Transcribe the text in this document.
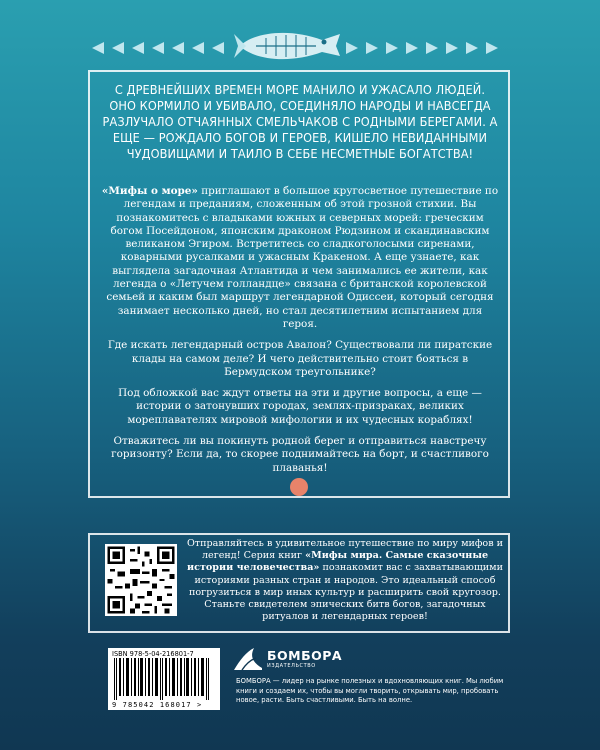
С ДРЕВНЕЙШИХ ВРЕМЕН МОРЕ МАНИЛО И УЖАСАЛО ЛЮДЕЙ. ОНО КОРМИЛО И УБИВАЛО, СОЕДИНЯЛО НАРОДЫ И НАВСЕГДА РАЗЛУЧАЛО ОТЧАЯННЫХ СМЕЛЬЧАКОВ С РОДНЫМИ БЕРЕГАМИ. А ЕЩЕ — РОЖДАЛО БОГОВ И ГЕРОЕВ, КИШЕЛО НЕВИДАННЫМИ ЧУДОВИЩАМИ И ТАИЛО В СЕБЕ НЕСМЕТНЫЕ БОГАТСТВА!

«Мифы о море» приглашают в большое кругосветное путешествие по легендам и преданиям, сложенным об этой грозной стихии. Вы познакомитесь с владыками южных и северных морей: греческим богом Посейдоном, японским драконом Рюдзином и скандинавским великаном Эгиром. Встретитесь со сладкоголосыми сиренами, коварными русалками и ужасным Кракеном. А еще узнаете, как выглядела загадочная Атлантида и чем занимались ее жители, как легенда о «Летучем голландце» связана с британской королевской семьей и каким был маршрут легендарной Одиссеи, который сегодня занимает несколько дней, но стал десятилетним испытанием для героя.

Где искать легендарный остров Авалон? Существовали ли пиратские клады на самом деле? И чего действительно стоит бояться в Бермудском треугольнике?

Под обложкой вас ждут ответы на эти и другие вопросы, а еще — истории о затонувших городах, землях-призраках, великих мореплавателях мировой мифологии и их чудесных кораблях!

Отважитесь ли вы покинуть родной берег и отправиться навстречу горизонту? Если да, то скорее поднимайтесь на борт, и счастливого плаванья!

Отправляйтесь в удивительное путешествие по миру мифов и легенд! Серия книг «Мифы мира. Самые сказочные истории человечества» познакомит вас с захватывающими историями разных стран и народов. Это идеальный способ погрузиться в мир иных культур и расширить свой кругозор. Станьте свидетелем эпических битв богов, загадочных ритуалов и легендарных героев!

ISBN 978-5-04-216801-7
9 785042 168017 >
БОМБОРА
ИЗДАТЕЛЬСТВО

БОМБОРА — лидер на рынке полезных и вдохновляющих книг. Мы любим книги и создаем их, чтобы вы могли творить, открывать мир, пробовать новое, расти. Быть счастливыми. Быть на волне.
